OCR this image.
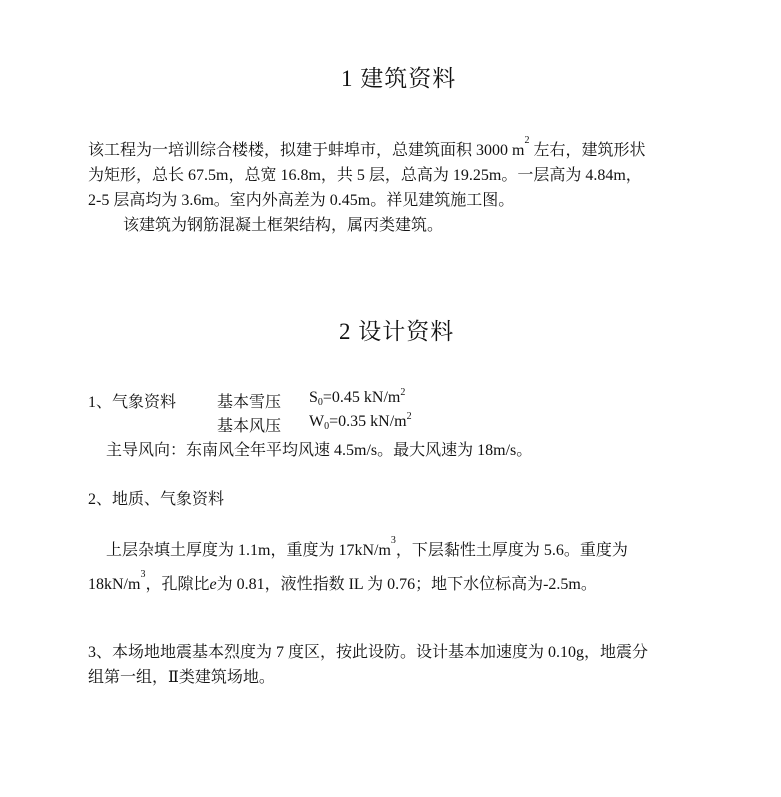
1 建筑资料
该工程为一培训综合楼楼，拟建于蚌埠市，总建筑面积 3000 $m^2$ 左右，建筑形状
为矩形，总长 67.5m，总宽 16.8m，共 5 层，总高为 19.25m。一层高为 4.84m，
2-5 层高均为 3.6m。室内外高差为 0.45m。祥见建筑施工图。
该建筑为钢筋混凝土框架结构，属丙类建筑。
2 设计资料
1、气象资料	基本雪压 $S_0=0.45$ $kN/m^2$
基本风压 $W_0=0.35$ $kN/m^2$
主导风向：东南风全年平均风速 4.5m/s。最大风速为 18m/s。
2、地质、气象资料
上层杂填土厚度为 1.1m，重度为 $17kN/m^3$，下层黏性土厚度为 5.6。重度为
$18kN/m^3$，孔隙比e为 0.81，液性指数 IL 为 0.76；地下水位标高为-2.5m。
3、本场地地震基本烈度为 7 度区，按此设防。设计基本加速度为 0.10g，地震分
组第一组，Ⅱ类建筑场地。
